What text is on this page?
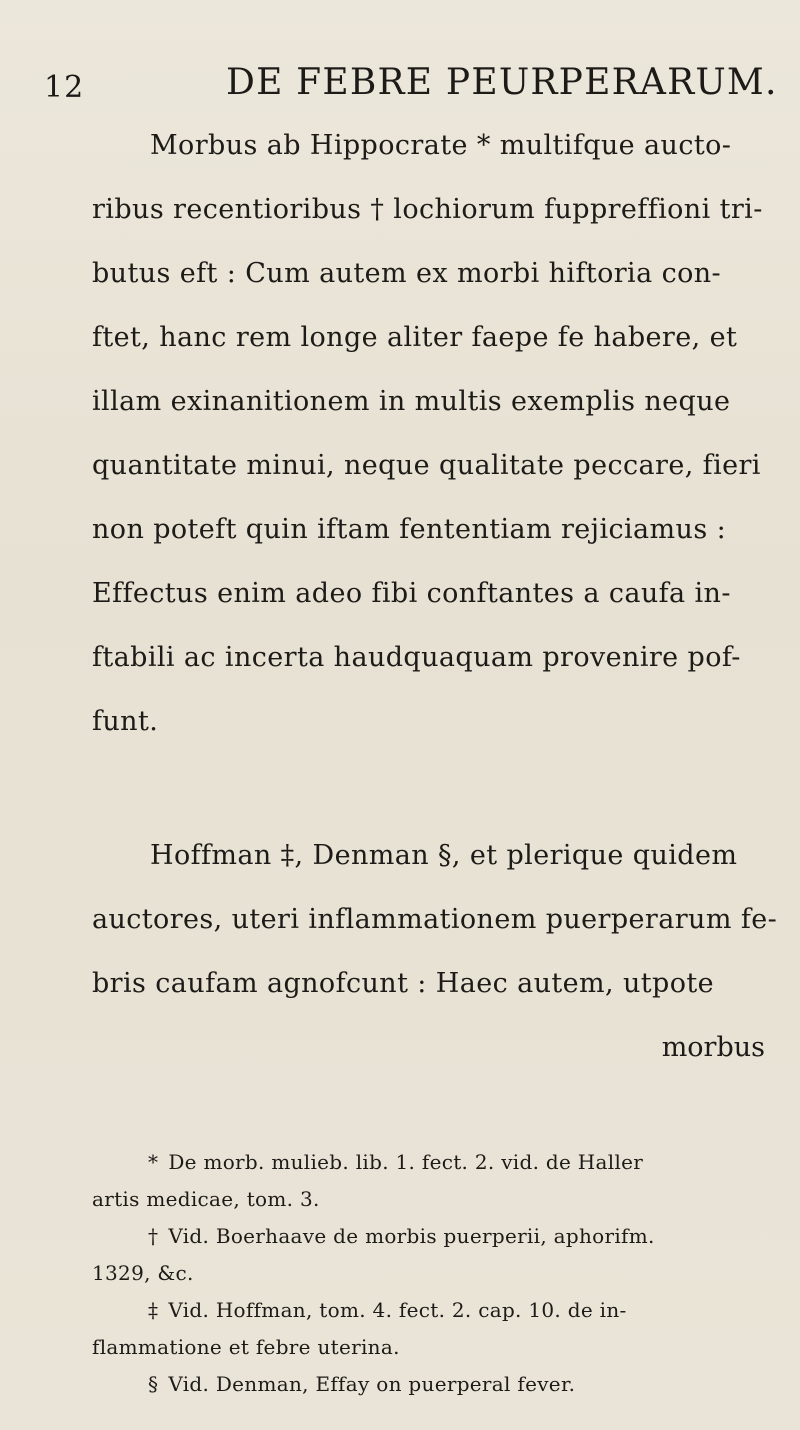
12	DE FEBRE PEURPERARUM.
Morbus ab Hippocrate * multifque aucto-
ribus recentioribus † lochiorum fuppreffioni tri-
butus eft : Cum autem ex morbi hiftoria con-
ftet, hanc rem longe aliter faepe fe habere, et
illam exinanitionem in multis exemplis neque
quantitate minui, neque qualitate peccare, fieri
non poteft quin iftam fententiam rejiciamus :
Effectus enim adeo fibi conftantes a caufa in-
ftabili ac incerta haudquaquam provenire pof-
funt.
Hoffman ‡, Denman §, et plerique quidem
auctores, uteri inflammationem puerperarum fe-
bris caufam agnofcunt : Haec autem, utpote
morbus
* De morb. mulieb. lib. 1. fect. 2. vid. de Haller
artis medicae, tom. 3.
† Vid. Boerhaave de morbis puerperii, aphorifm.
1329, &c.
‡ Vid. Hoffman, tom. 4. fect. 2. cap. 10. de in-
flammatione et febre uterina.
§ Vid. Denman, Effay on puerperal fever.
